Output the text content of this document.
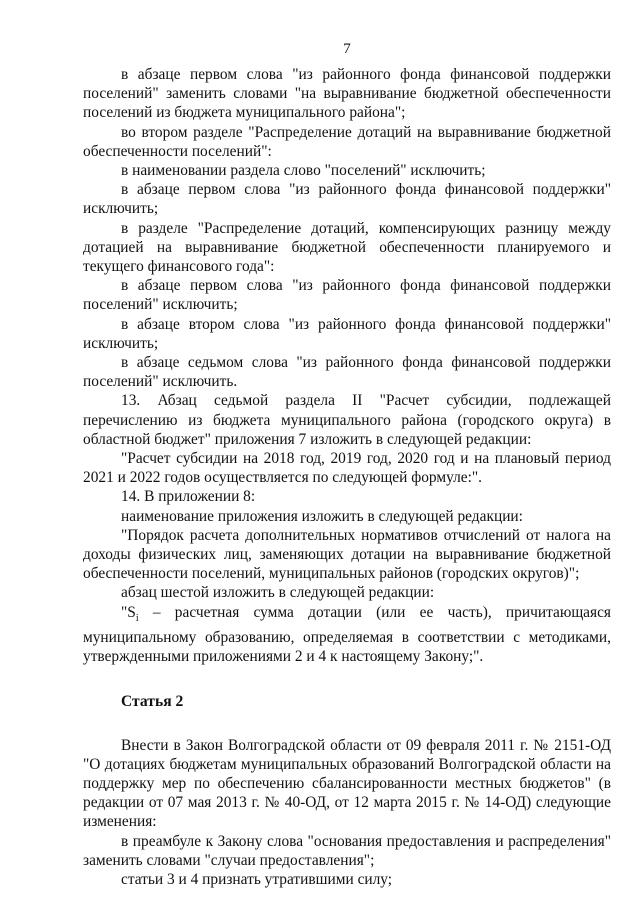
7

в абзаце первом слова "из районного фонда финансовой поддержки поселений" заменить словами "на выравнивание бюджетной обеспеченности поселений из бюджета муниципального района";

во втором разделе "Распределение дотаций на выравнивание бюджетной обеспеченности поселений":

в наименовании раздела слово "поселений" исключить;

в абзаце первом слова "из районного фонда финансовой поддержки" исключить;

в разделе "Распределение дотаций, компенсирующих разницу между дотацией на выравнивание бюджетной обеспеченности планируемого и текущего финансового года":

в абзаце первом слова "из районного фонда финансовой поддержки поселений" исключить;

в абзаце втором слова "из районного фонда финансовой поддержки" исключить;

в абзаце седьмом слова "из районного фонда финансовой поддержки поселений" исключить.

13. Абзац седьмой раздела II "Расчет субсидии, подлежащей перечислению из бюджета муниципального района (городского округа) в областной бюджет" приложения 7 изложить в следующей редакции:

"Расчет субсидии на 2018 год, 2019 год, 2020 год и на плановый период 2021 и 2022 годов осуществляется по следующей формуле:".

14. В приложении 8:

наименование приложения изложить в следующей редакции:

"Порядок расчета дополнительных нормативов отчислений от налога на доходы физических лиц, заменяющих дотации на выравнивание бюджетной обеспеченности поселений, муниципальных районов (городских округов)";

абзац шестой изложить в следующей редакции:

"$S_i$ – расчетная сумма дотации (или ее часть), причитающаяся муниципальному образованию, определяемая в соответствии с методиками, утвержденными приложениями 2 и 4 к настоящему Закону;".

Статья 2

Внести в Закон Волгоградской области от 09 февраля 2011 г. № 2151-ОД "О дотациях бюджетам муниципальных образований Волгоградской области на поддержку мер по обеспечению сбалансированности местных бюджетов" (в редакции от 07 мая 2013 г. № 40-ОД, от 12 марта 2015 г. № 14-ОД) следующие изменения:

в преамбуле к Закону слова "основания предоставления и распределения" заменить словами "случаи предоставления";

статьи 3 и 4 признать утратившими силу;
